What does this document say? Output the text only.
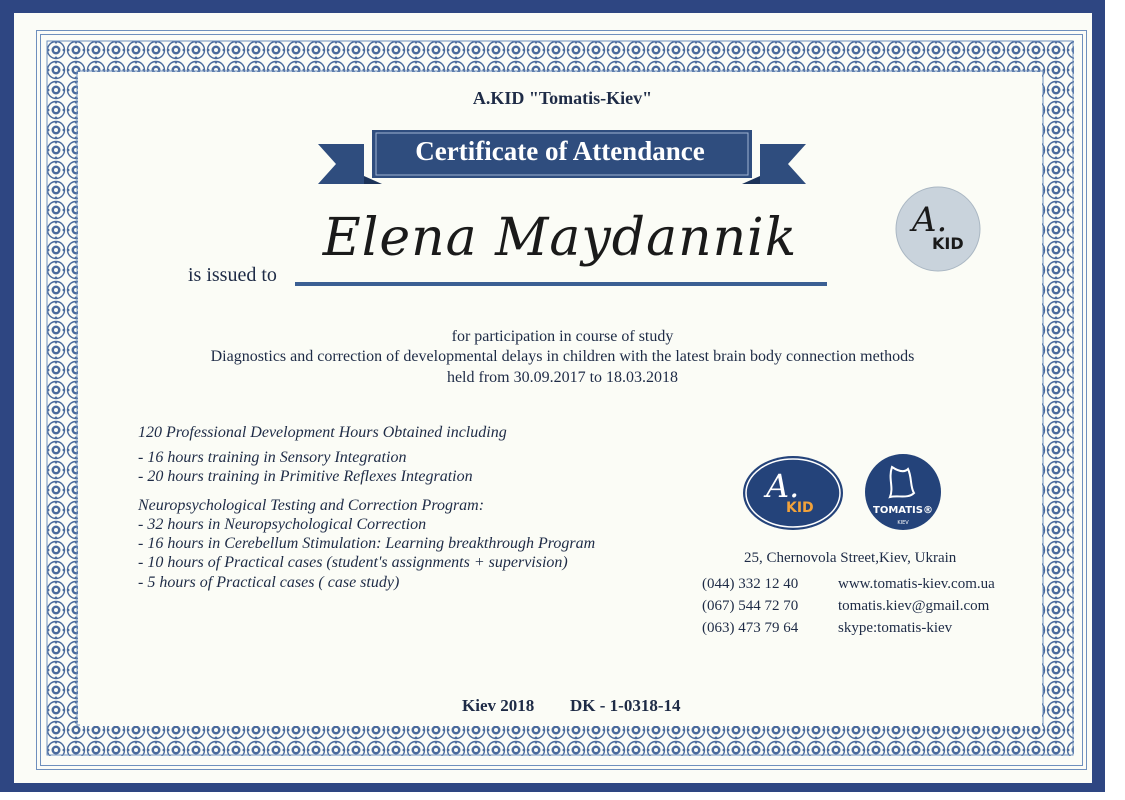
A.KID "Tomatis-Kiev"
Certificate of Attendance
is issued to
Elena Maydannik	A.
KID
for participation in course of study
Diagnostics and correction of developmental delays in children with the latest brain body connection methods
held from 30.09.2017 to 18.03.2018
120 Professional Development Hours Obtained including
- 16 hours training in Sensory Integration
- 20 hours training in Primitive Reflexes Integration
Neuropsychological Testing and Correction Program:
- 32 hours in Neuropsychological Correction
- 16 hours in Cerebellum Stimulation: Learning breakthrough Program
- 10 hours of Practical cases (student's assignments + supervision)
- 5 hours of Practical cases ( case study)
A.
KID	TOMATIS®
KIEV
25, Chernovola Street,Kiev, Ukrain
(044) 332 12 40
(067) 544 72 70
(063) 473 79 64
www.tomatis-kiev.com.ua
tomatis.kiev@gmail.com
skype:tomatis-kiev
Kiev 2018 DK - 1-0318-14
